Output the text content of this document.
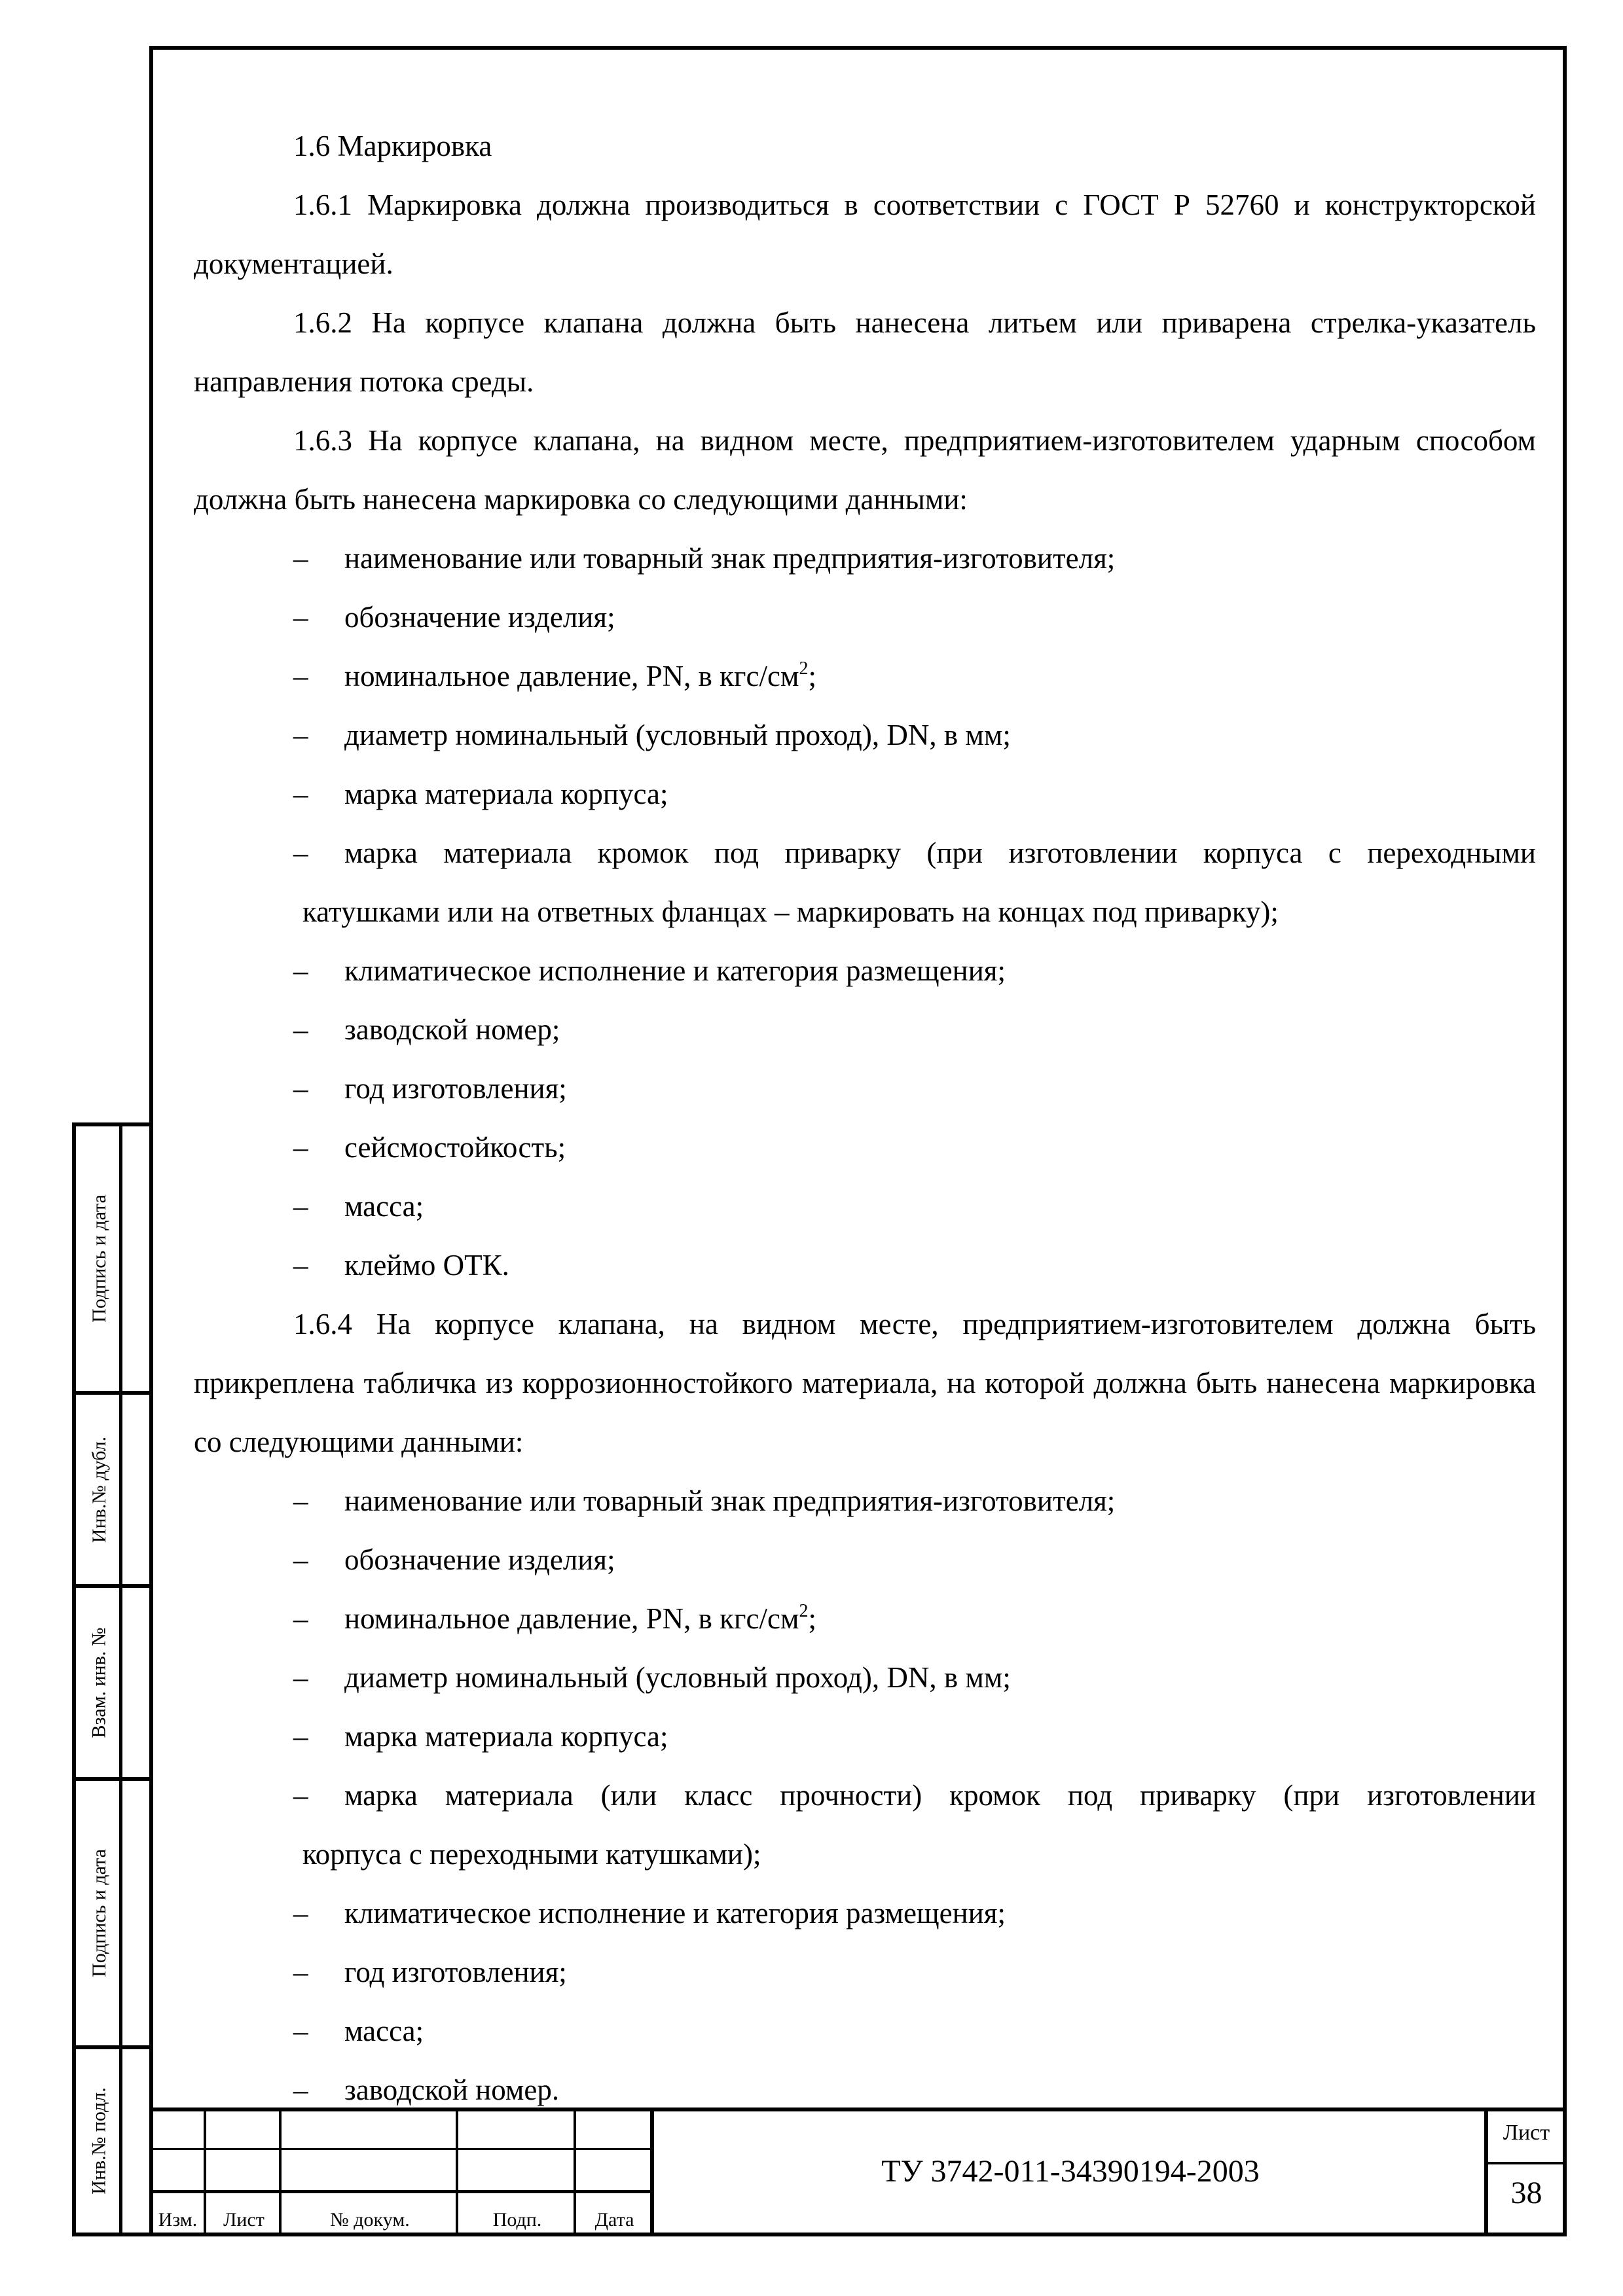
1.6 Маркировка

1.6.1 Маркировка должна производиться в соответствии с ГОСТ Р 52760 и конструкторской документацией.

1.6.2 На корпусе клапана должна быть нанесена литьем или приварена стрелка-указатель направления потока среды.

1.6.3 На корпусе клапана, на видном месте, предприятием-изготовителем ударным способом должна быть нанесена маркировка со следующими данными:

–	наименование или товарный знак предприятия-изготовителя;
–	обозначение изделия;
–	номинальное давление, PN, в кгс/$см^2$;
–	диаметр номинальный (условный проход), DN, в мм;
–	марка материала корпуса;
–	марка материала кромок под приварку (при изготовлении корпуса с переходными
катушками или на ответных фланцах – маркировать на концах под приварку);
–	климатическое исполнение и категория размещения;
–	заводской номер;
–	год изготовления;
–	сейсмостойкость;
–	масса;
–	клеймо ОТК.

1.6.4 На корпусе клапана, на видном месте, предприятием-изготовителем должна быть прикреплена табличка из коррозионностойкого материала, на которой должна быть нанесена маркировка со следующими данными:

–	наименование или товарный знак предприятия-изготовителя;
–	обозначение изделия;
–	номинальное давление, PN, в кгс/$см^2$;
–	диаметр номинальный (условный проход), DN, в мм;
–	марка материала корпуса;
–	марка материала (или класс прочности) кромок под приварку (при изготовлении
корпуса с переходными катушками);
–	климатическое исполнение и категория размещения;
–	год изготовления;
–	масса;
–	заводской номер.
Подпись и дата
Инв.№ дубл.
Взам. инв. №
Подпись и дата
Инв.№ подл.
Изм.	Лист	№ докум.	Подп.	Дата
ТУ 3742-011-34390194-2003
Лист
38
